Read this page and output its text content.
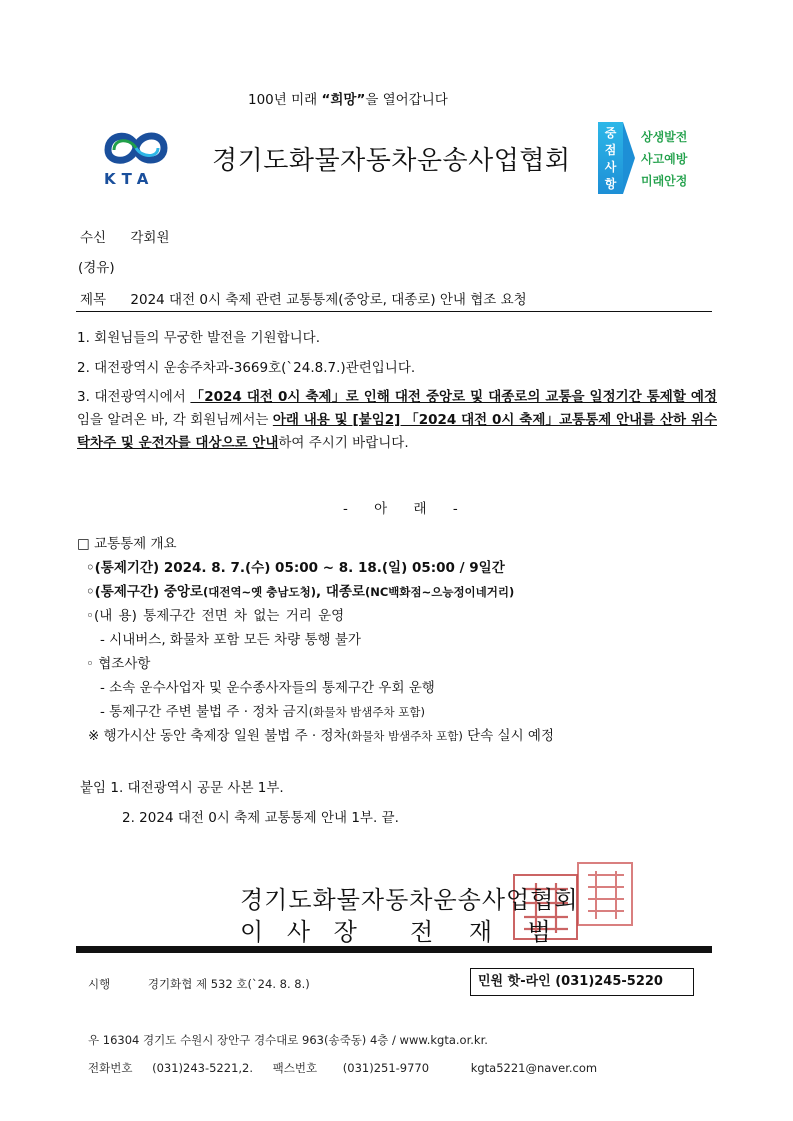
100년 미래 “희망”을 열어갑니다
KTA
경기도화물자동차운송사업협회
중
점
사
항
상생발전
사고예방
미래안정
수신 각회원
(경유)
제목 2024 대전 0시 축제 관련 교통통제(중앙로, 대종로) 안내 협조 요청
1. 회원님들의 무궁한 발전을 기원합니다.
2. 대전광역시 운송주차과-3669호(`24.8.7.)관련입니다.
3. 대전광역시에서 「2024 대전 0시 축제」로 인해 대전 중앙로 및 대종로의 교통을 일정기간 통제할 예정임을 알려온 바, 각 회원님께서는 아래 내용 및 [붙임2] 「2024 대전 0시 축제」교통통제 안내를 산하 위수탁차주 및 운전자를 대상으로 안내하여 주시기 바랍니다.
- 아 래 -
□ 교통통제 개요
◦(통제기간) 2024. 8. 7.(수) 05:00 ~ 8. 18.(일) 05:00 / 9일간
◦(통제구간) 중앙로(대전역~옛 충남도청), 대종로(NC백화점~으능정이네거리)
◦(내 용) 통제구간 전면 차 없는 거리 운영
- 시내버스, 화물차 포함 모든 차량 통행 불가
◦ 협조사항
- 소속 운수사업자 및 운수종사자들의 통제구간 우회 운행
- 통제구간 주변 불법 주 · 정차 금지(화물차 밤샘주차 포함)
※ 행가시산 동안 축제장 일원 불법 주 · 정차(화물차 밤샘주차 포함) 단속 실시 예정
붙임 1. 대전광역시 공문 사본 1부.
2. 2024 대전 0시 축제 교통통제 안내 1부. 끝.
경기도화물자동차운송사업협회
이 사 장 전 재 범
시행	경기화협 제 532 호(`24. 8. 8.)	민원 핫-라인 (031)245-5220
우 16304 경기도 수원시 장안구 경수대로 963(송죽동) 4층 / www.kgta.or.kr.
전화번호 (031)243-5221,2. 팩스번호 (031)251-9770	kgta5221@naver.com
